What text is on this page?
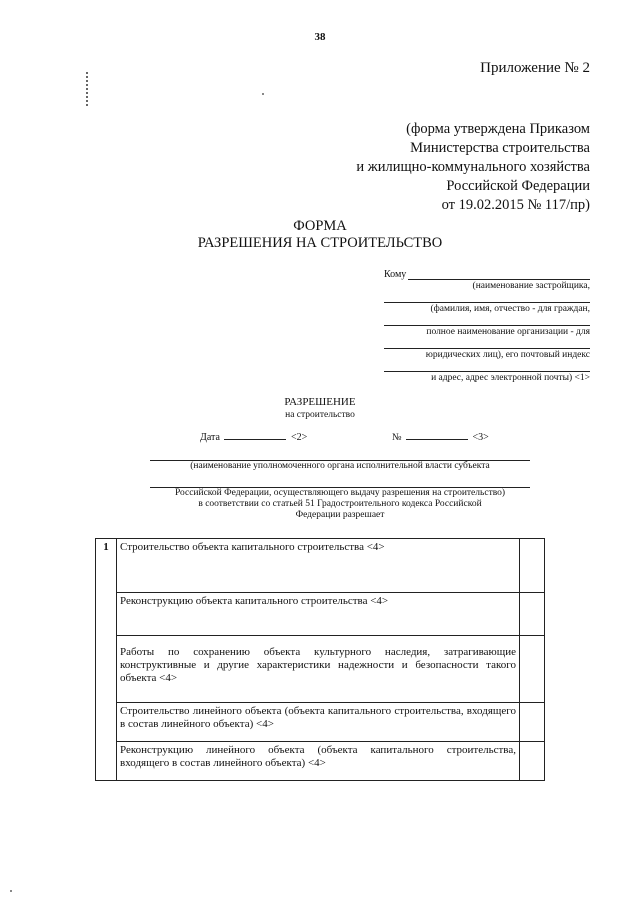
38
Приложение № 2
(форма утверждена Приказом
Министерства строительства
и жилищно-коммунального хозяйства
Российской Федерации
от 19.02.2015 № 117/пр)
ФОРМА
РАЗРЕШЕНИЯ НА СТРОИТЕЛЬСТВО
Кому
(наименование застройщика,
(фамилия, имя, отчество - для граждан,
полное наименование организации - для
юридических лиц), его почтовый индекс
и адрес, адрес электронной почты) <1>
РАЗРЕШЕНИЕ
на строительство
Дата	<2>	№	<3>
(наименование уполномоченного органа исполнительной власти субъекта
Российской Федерации, осуществляющего выдачу разрешения на строительство)
в соответствии со статьей 51 Градостроительного кодекса Российской
Федерации разрешает
1	Строительство объекта капитального строительства <4>	
	Реконструкцию объекта капитального строительства <4>	
	Работы по сохранению объекта культурного наследия, затрагивающие конструктивные и другие характеристики надежности и безопасности такого объекта <4>	
	Строительство линейного объекта (объекта капитального строительства, входящего в состав линейного объекта) <4>	
	Реконструкцию линейного объекта (объекта капитального строительства, входящего в состав линейного объекта) <4>	
